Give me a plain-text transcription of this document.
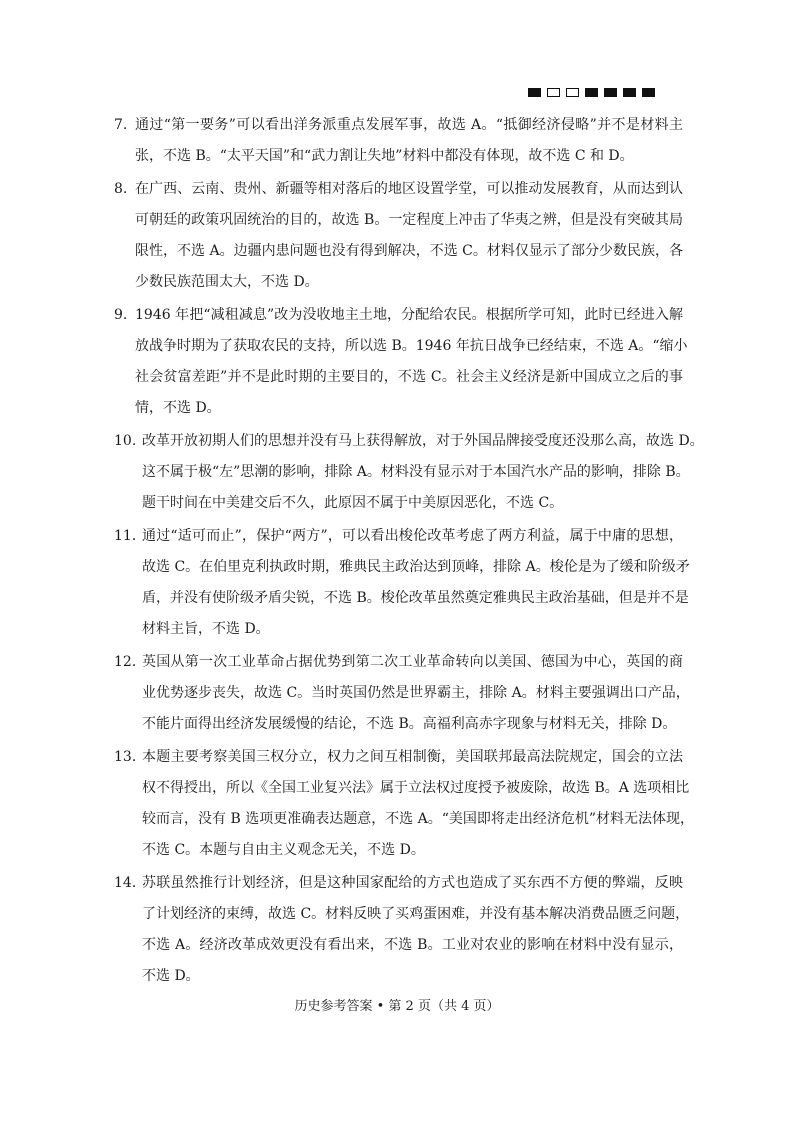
7. 通过“第一要务”可以看出洋务派重点发展军事，故选 A。“抵御经济侵略”并不是材料主
张，不选 B。“太平天国”和“武力割让失地”材料中都没有体现，故不选 C 和 D。
8. 在广西、云南、贵州、新疆等相对落后的地区设置学堂，可以推动发展教育，从而达到认
可朝廷的政策巩固统治的目的，故选 B。一定程度上冲击了华夷之辨，但是没有突破其局
限性，不选 A。边疆内患问题也没有得到解决，不选 C。材料仅显示了部分少数民族，各
少数民族范围太大，不选 D。
9. 1946 年把“减租减息”改为没收地主土地，分配给农民。根据所学可知，此时已经进入解
放战争时期为了获取农民的支持，所以选 B。1946 年抗日战争已经结束，不选 A。“缩小
社会贫富差距”并不是此时期的主要目的，不选 C。社会主义经济是新中国成立之后的事
情，不选 D。
10. 改革开放初期人们的思想并没有马上获得解放，对于外国品牌接受度还没那么高，故选 D。
这不属于极“左”思潮的影响，排除 A。材料没有显示对于本国汽水产品的影响，排除 B。
题干时间在中美建交后不久，此原因不属于中美原因恶化，不选 C。
11．
通过“适可而止”，保护“两方”，可以看出梭伦改革考虑了两方利益，属于中庸的思想，
故选 C。在伯里克利执政时期，雅典民主政治达到顶峰，排除 A。梭伦是为了缓和阶级矛
盾，并没有使阶级矛盾尖锐，不选 B。梭伦改革虽然奠定雅典民主政治基础，但是并不是
材料主旨，不选 D。
12．
英国从第一次工业革命占据优势到第二次工业革命转向以美国、德国为中心，英国的商
业优势逐步丧失，故选 C。当时英国仍然是世界霸主，排除 A。材料主要强调出口产品，
不能片面得出经济发展缓慢的结论，不选 B。高福利高赤字现象与材料无关，排除 D。
13．
本题主要考察美国三权分立，权力之间互相制衡，美国联邦最高法院规定，国会的立法
权不得授出，所以《全国工业复兴法》属于立法权过度授予被废除，故选 B。A 选项相比
较而言，没有 B 选项更准确表达题意，不选 A。“美国即将走出经济危机”材料无法体现，
不选 C。本题与自由主义观念无关，不选 D。
14．
苏联虽然推行计划经济，但是这种国家配给的方式也造成了买东西不方便的弊端，反映
了计划经济的束缚，故选 C。材料反映了买鸡蛋困难，并没有基本解决消费品匮乏问题，
不选 A。经济改革成效更没有看出来，不选 B。工业对农业的影响在材料中没有显示，
不选 D。
历史参考答案 • 第 2 页（共 4 页）
